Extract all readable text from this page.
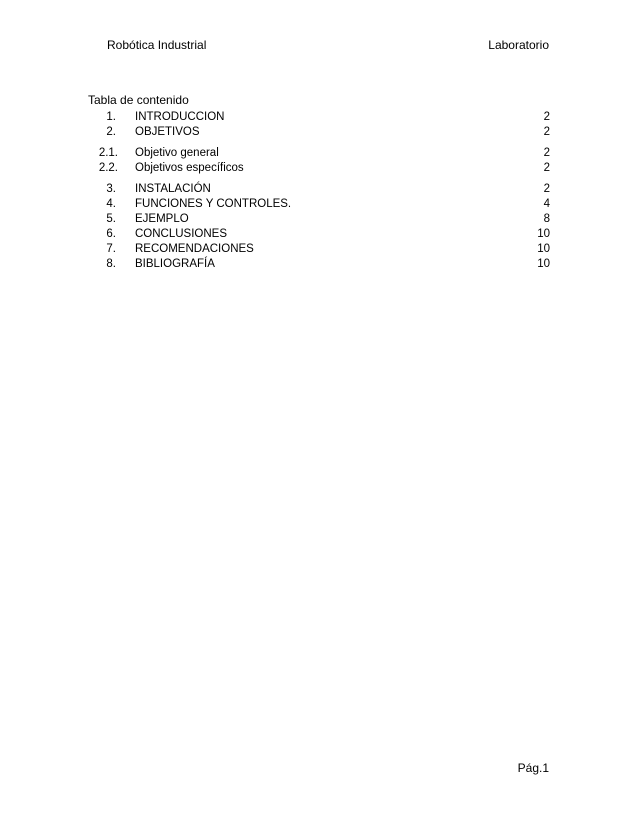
Robótica Industrial	Laboratorio
Tabla de contenido
1. INTRODUCCION	2
2. OBJETIVOS	2
2.1. Objetivo general	2
2.2. Objetivos específicos	2
3. INSTALACIÓN	2
4. FUNCIONES Y CONTROLES.	4
5. EJEMPLO	8
6. CONCLUSIONES	10
7. RECOMENDACIONES	10
8. BIBLIOGRAFÍA	10
Pág.1
